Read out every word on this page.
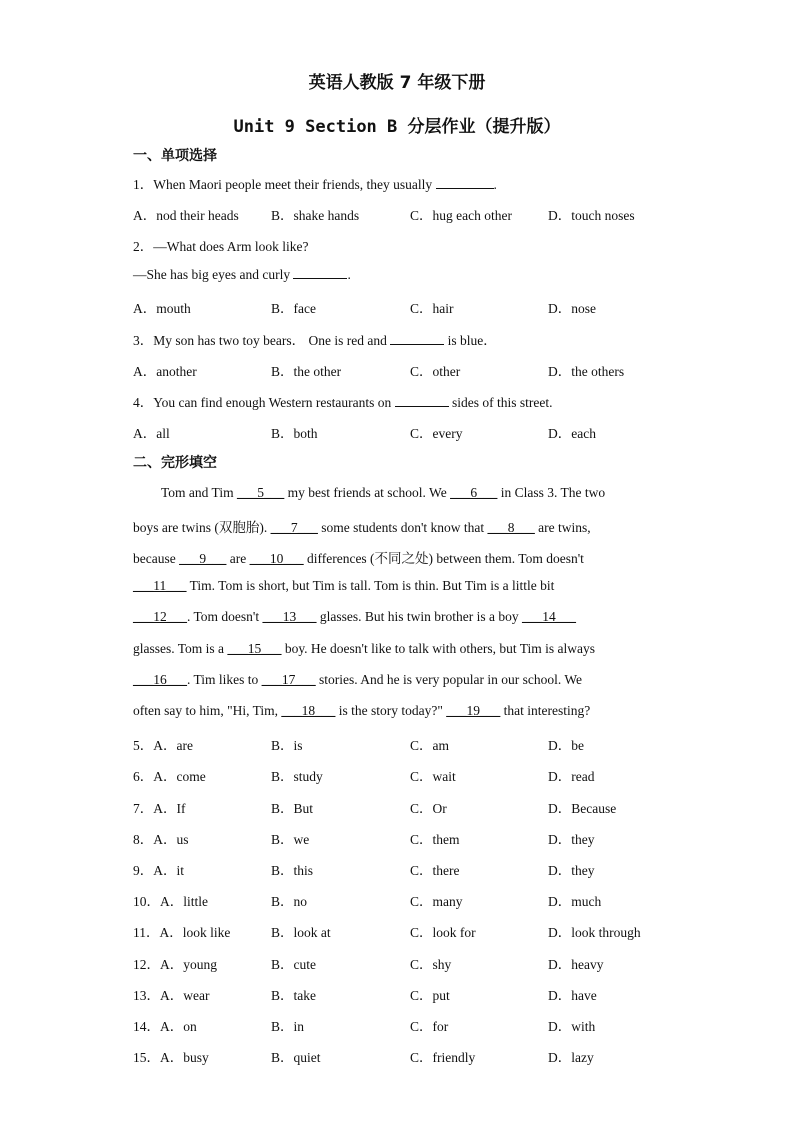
英语人教版 7 年级下册
Unit 9 Section B 分层作业（提升版）
一、单项选择
1．When Maori people meet their friends, they usually	.
A．nod their heads B．shake hands	C．hug each other	D．touch noses
2．—What does Arm look like?
—She has big eyes and curly	.
A．mouth	B．face	C．hair	D．nose
3．My son has two toy bears． One is red and	is blue．
A．another	B．the other	C．other	D．the others
4．You can find enough Western restaurants on	sides of this street.
A．all	B．both	C．every	D．each
二、完形填空
Tom and Tim ___5___ my best friends at school. We ___6___ in Class 3. The two
boys are twins (双胞胎). ___7___ some students don't know that ___8___ are twins,
because ___9___ are ___10___ differences (不同之处) between them. Tom doesn't
___11___ Tim. Tom is short, but Tim is tall. Tom is thin. But Tim is a little bit
___12___. Tom doesn't ___13___ glasses. But his twin brother is a boy ___14___
glasses. Tom is a ___15___ boy. He doesn't like to talk with others, but Tim is always
___16___. Tim likes to ___17___ stories. And he is very popular in our school. We
often say to him, "Hi, Tim, ___18___ is the story today?" ___19___ that interesting?
5．A．are	B．is	C．am	D．be
6．A．come	B．study	C．wait	D．read
7．A．If	B．But	C．Or	D．Because
8．A．us	B．we	C．them	D．they
9．A．it	B．this	C．there	D．they
10．A．little	B．no	C．many	D．much
11．A．look like	B．look at	C．look for	D．look through
12．A．young	B．cute	C．shy	D．heavy
13．A．wear	B．take	C．put	D．have
14．A．on	B．in	C．for	D．with
15．A．busy	B．quiet	C．friendly	D．lazy
